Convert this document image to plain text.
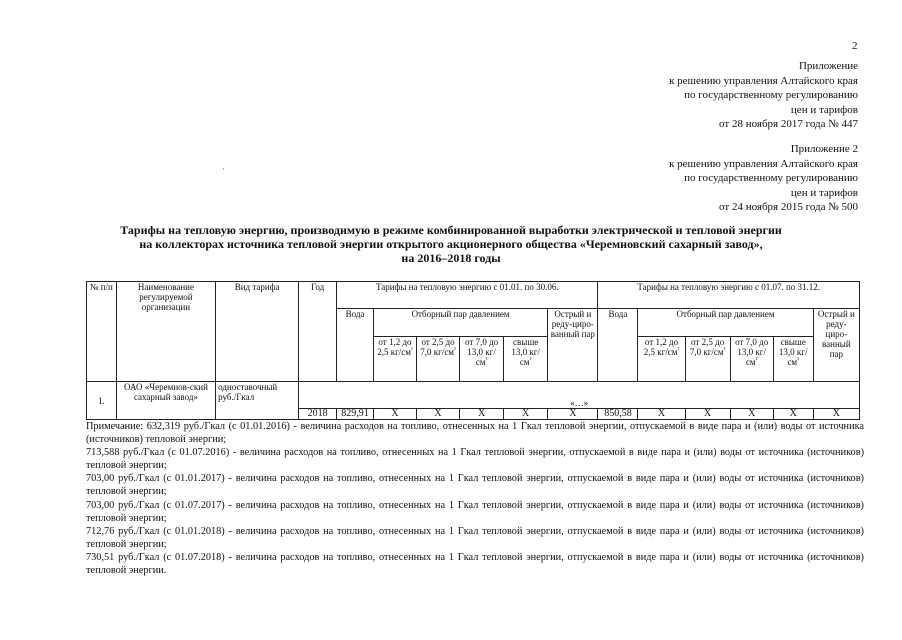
2
Приложение
к решению управления Алтайского края
по государственному регулированию
цен и тарифов
от 28 ноября 2017 года № 447
·
Приложение 2
к решению управления Алтайского края
по государственному регулированию
цен и тарифов
от 24 ноября 2015 года № 500
Тарифы на тепловую энергию, производимую в режиме комбинированной выработки электрической и тепловой энергии
на коллекторах источника тепловой энергии открытого акционерного общества «Черемновский сахарный завод»,
на 2016–2018 годы
№ п/п	Наименование регулируемой организации	Вид тарифа	Год	Тарифы на тепловую энергию с 01.01. по 30.06.						Тарифы на тепловую энергию с 01.07. по 31.12.					
				Вода	Отборный пар давлением				Острый и реду-циро-ванный пар	Вода	Отборный пар давлением				Острый и реду-циро-ванный пар
					от 1,2 до 2,5 $кг/см^{^2}$	от 2,5 до 7,0 $кг/см^{^2}$	от 7,0 до 13,0 $кг/см^{^2}$	свыше 13,0 $кг/см^{^2}$			от 1,2 до 2,5 $кг/см^{^2}$	от 2,5 до 7,0 $кг/см^{^2}$	от 7,0 до 13,0 $кг/см^{^2}$	свыше 13,0 $кг/см^{^2}$
1.	ОАО «Черемнов-ский сахарный завод»	одноставочный руб./Гкал	«…»												
			2018	829,91	X	X	X	X	X	850,58	X	X	X	X	X

Примечание: 632,319 руб./Гкал (с 01.01.2016) - величина расходов на топливо, отнесенных на 1 Гкал тепловой энергии, отпускаемой в виде пара и (или) воды от источника (источников) тепловой энергии;

713,588 руб./Гкал (с 01.07.2016) - величина расходов на топливо, отнесенных на 1 Гкал тепловой энергии, отпускаемой в виде пара и (или) воды от источника (источников) тепловой энергии;

703,00 руб./Гкал (с 01.01.2017) - величина расходов на топливо, отнесенных на 1 Гкал тепловой энергии, отпускаемой в виде пара и (или) воды от источника (источников) тепловой энергии;

703,00 руб./Гкал (с 01.07.2017) - величина расходов на топливо, отнесенных на 1 Гкал тепловой энергии, отпускаемой в виде пара и (или) воды от источника (источников) тепловой энергии;

712,76 руб./Гкал (с 01.01.2018) - величина расходов на топливо, отнесенных на 1 Гкал тепловой энергии, отпускаемой в виде пара и (или) воды от источника (источников) тепловой энергии;

730,51 руб./Гкал (с 01.07.2018) - величина расходов на топливо, отнесенных на 1 Гкал тепловой энергии, отпускаемой в виде пара и (или) воды от источника (источников) тепловой энергии.
